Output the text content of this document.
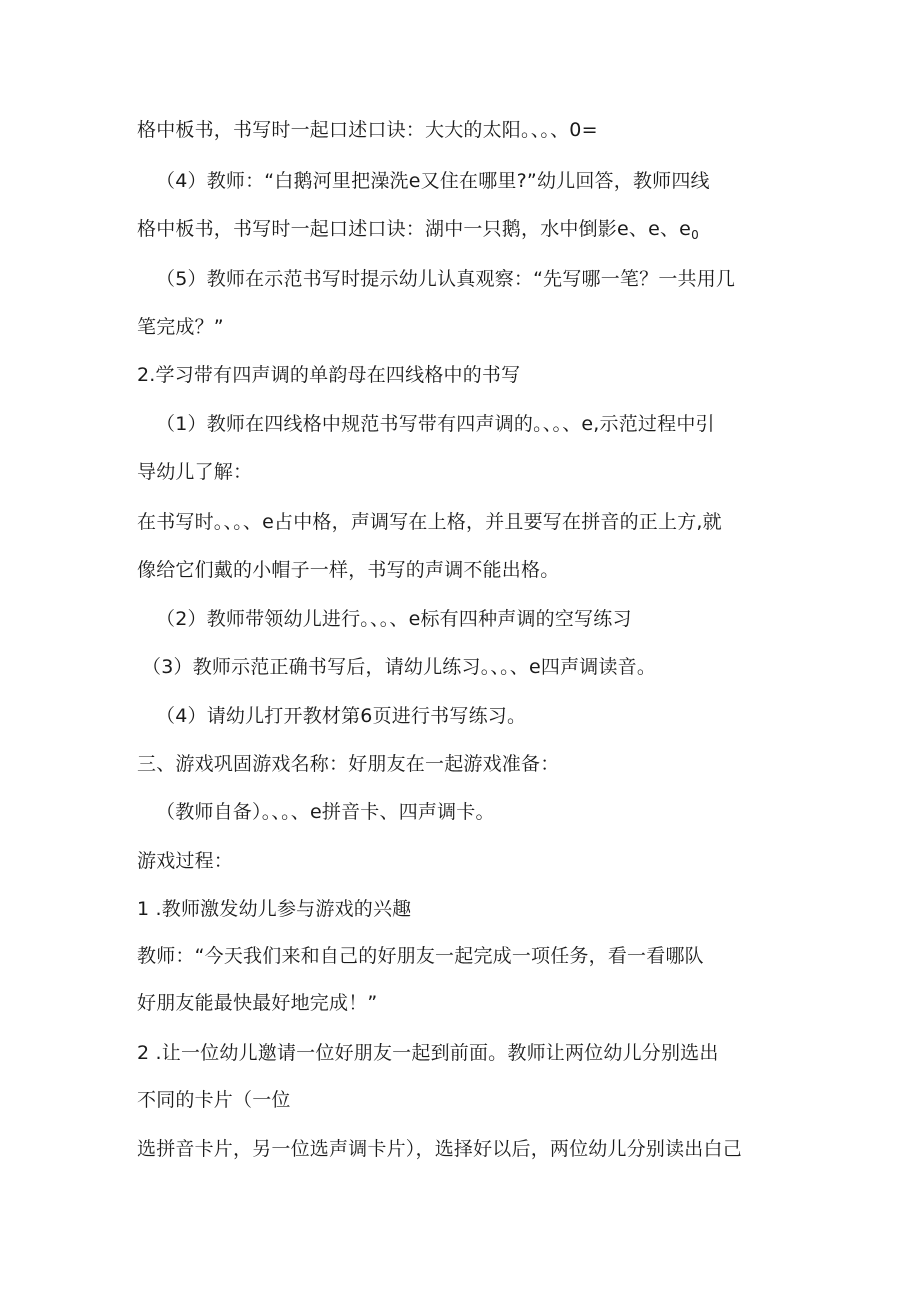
格中板书，书写时一起口述口诀：大大的太阳。、。、0=
（4）教师：“白鹅河里把澡洗e又住在哪里?”幼儿回答，教师四线
格中板书，书写时一起口述口诀：湖中一只鹅，水中倒影e、e、$e_0$
（5）教师在示范书写时提示幼儿认真观察：“先写哪一笔？一共用几
笔完成？”
2.学习带有四声调的单韵母在四线格中的书写
（1）教师在四线格中规范书写带有四声调的。、。、e,示范过程中引
导幼儿了解：
在书写时。、。、e占中格，声调写在上格，并且要写在拼音的正上方,就
像给它们戴的小帽子一样，书写的声调不能出格。
（2）教师带领幼儿进行。、。、e标有四种声调的空写练习
（3）教师示范正确书写后，请幼儿练习。、。、e四声调读音。
（4）请幼儿打开教材第6页进行书写练习。
三、游戏巩固游戏名称：好朋友在一起游戏准备：
（教师自备）。、。、e拼音卡、四声调卡。
游戏过程：
1 .教师激发幼儿参与游戏的兴趣
教师：“今天我们来和自己的好朋友一起完成一项任务，看一看哪队
好朋友能最快最好地完成！”
2 .让一位幼儿邀请一位好朋友一起到前面。教师让两位幼儿分别选出
不同的卡片（一位
选拼音卡片，另一位选声调卡片），选择好以后，两位幼儿分别读出白己
